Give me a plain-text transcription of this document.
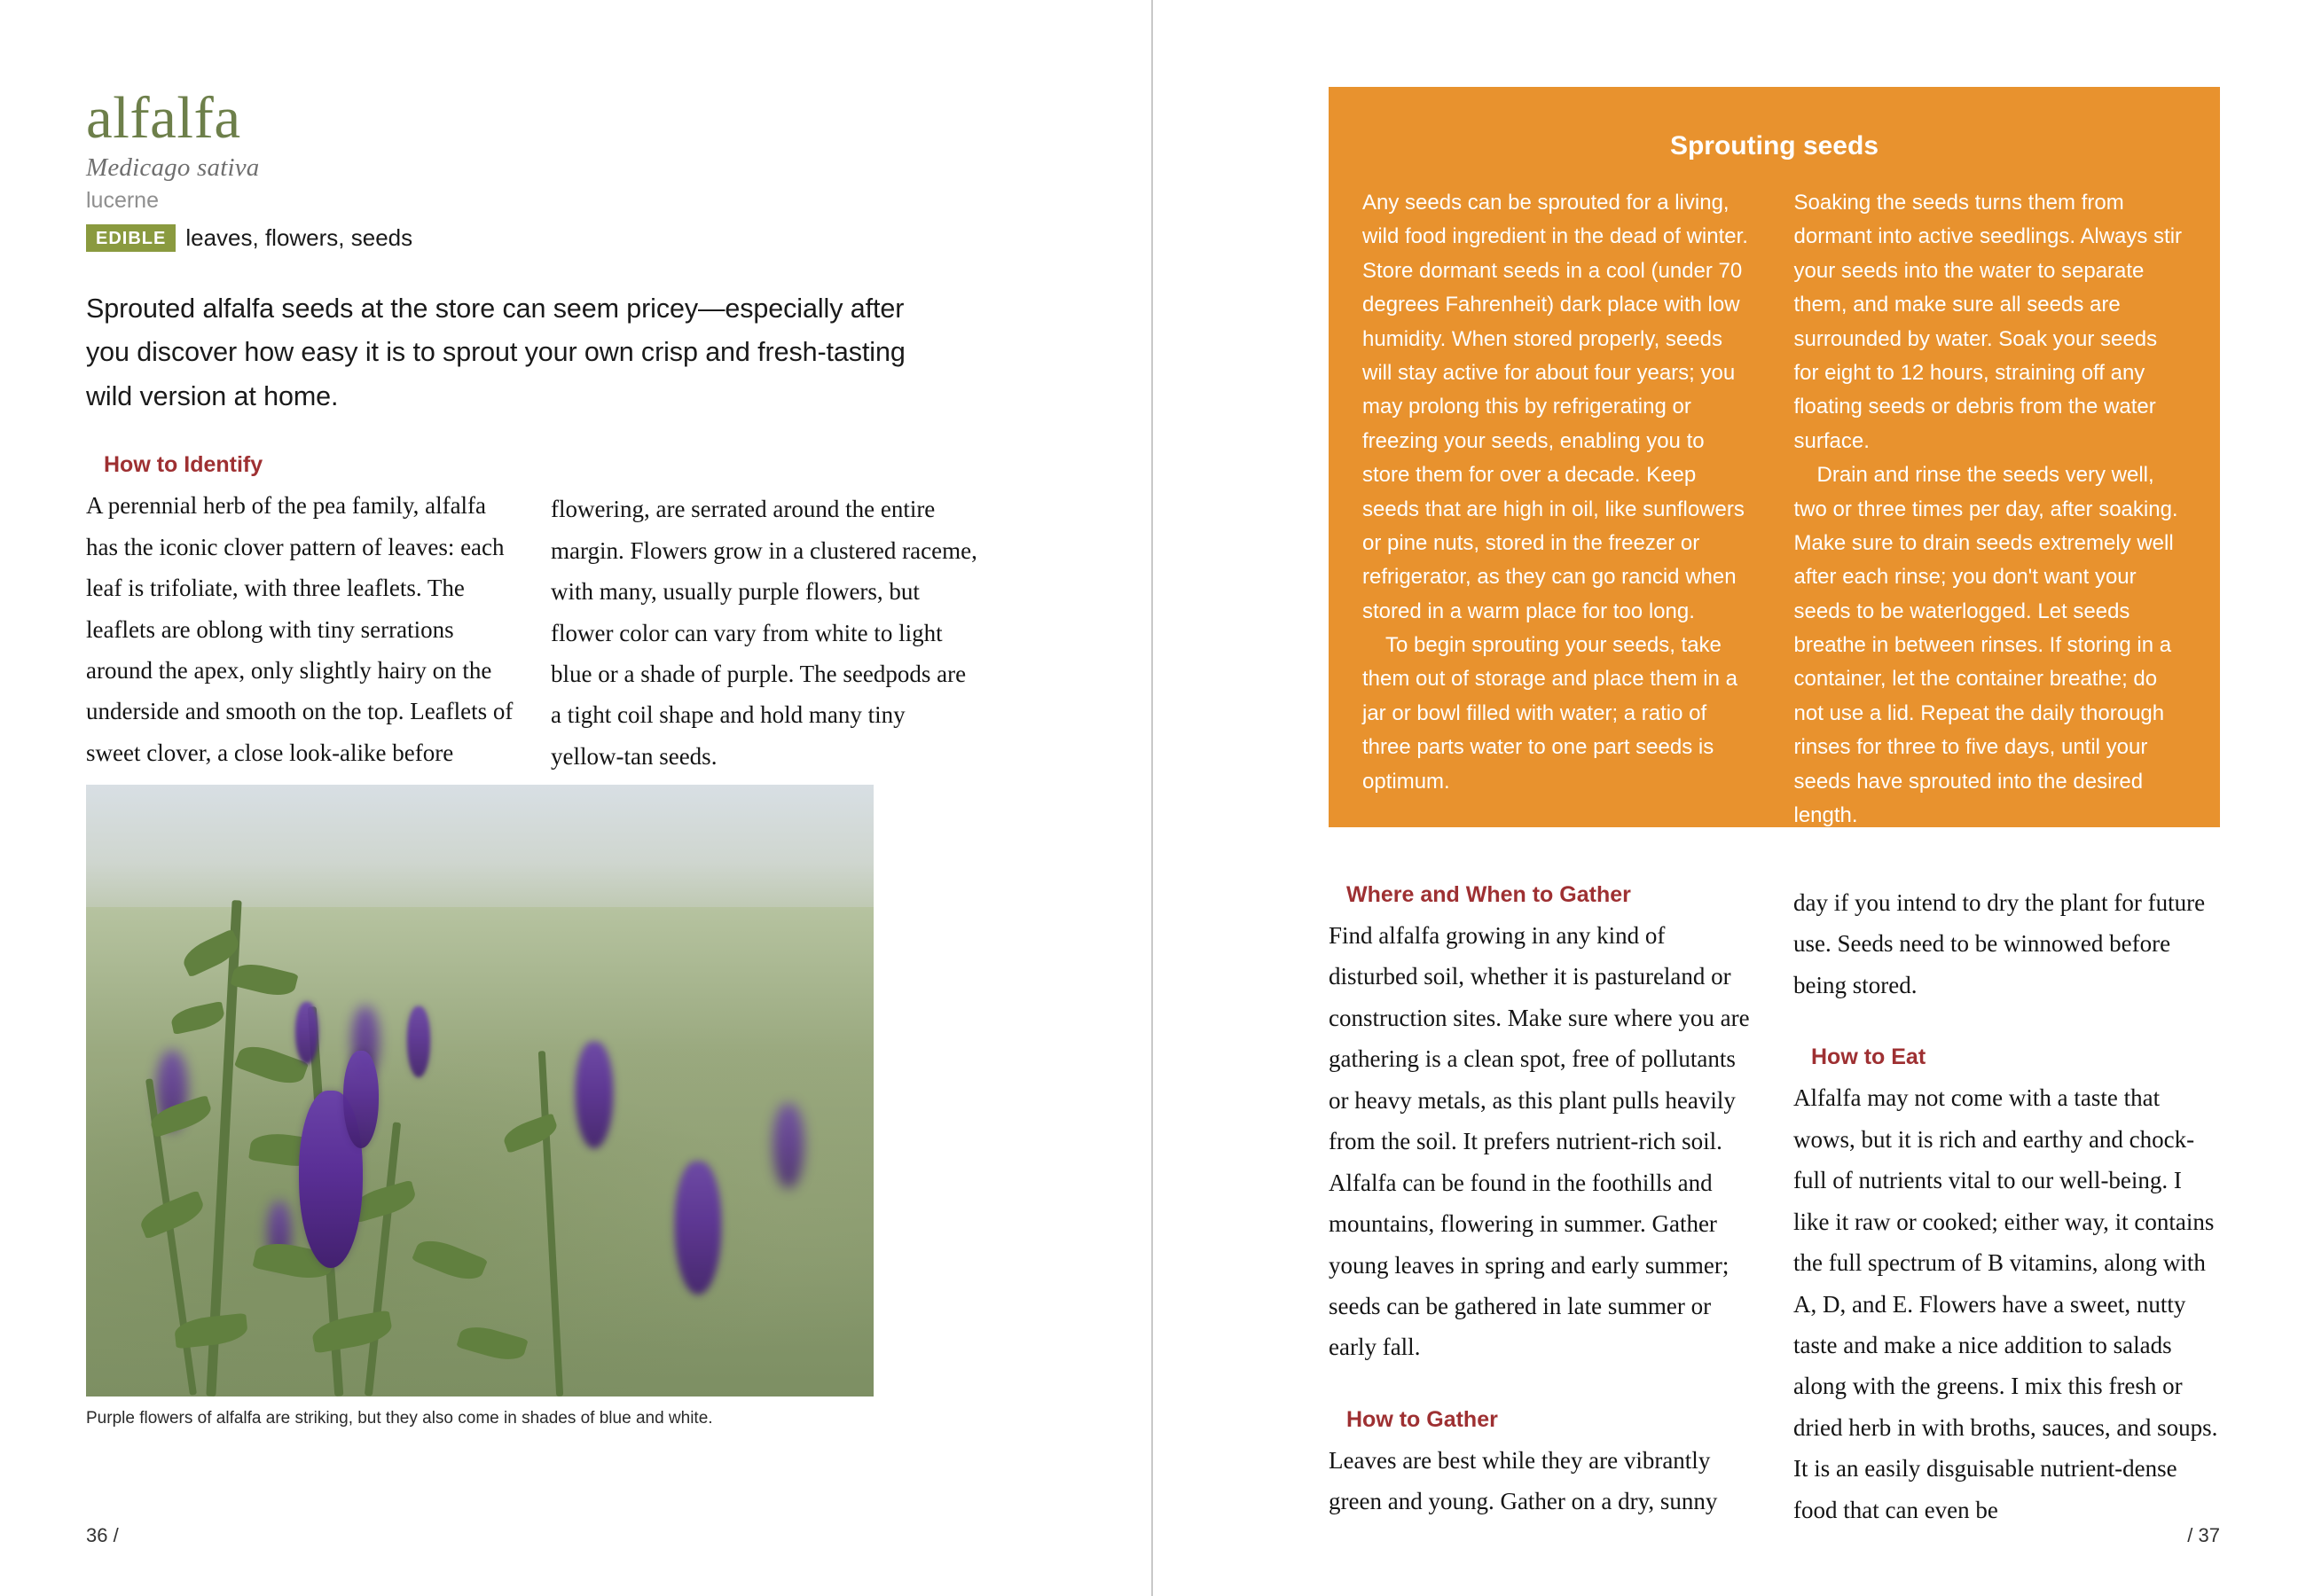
alfalfa
Medicago sativa
lucerne
EDIBLE leaves, flowers, seeds

Sprouted alfalfa seeds at the store can seem pricey—especially after you discover how easy it is to sprout your own crisp and fresh-tasting wild version at home.

How to Identify

A perennial herb of the pea family, alfalfa has the iconic clover pattern of leaves: each leaf is trifoliate, with three leaflets. The leaflets are oblong with tiny serrations around the apex, only slightly hairy on the underside and smooth on the top. Leaflets of sweet clover, a close look-alike before

flowering, are serrated around the entire margin. Flowers grow in a clustered raceme, with many, usually purple flowers, but flower color can vary from white to light blue or a shade of purple. The seedpods are a tight coil shape and hold many tiny yellow-tan seeds.

Purple flowers of alfalfa are striking, but they also come in shades of blue and white.
36 /
Sprouting seeds

Any seeds can be sprouted for a living, wild food ingredient in the dead of winter. Store dormant seeds in a cool (under 70 degrees Fahrenheit) dark place with low humidity. When stored properly, seeds will stay active for about four years; you may prolong this by refrigerating or freezing your seeds, enabling you to store them for over a decade. Keep seeds that are high in oil, like sunflowers or pine nuts, stored in the freezer or refrigerator, as they can go rancid when stored in a warm place for too long.

To begin sprouting your seeds, take them out of storage and place them in a jar or bowl filled with water; a ratio of three parts water to one part seeds is optimum.

Soaking the seeds turns them from dormant into active seedlings. Always stir your seeds into the water to separate them, and make sure all seeds are surrounded by water. Soak your seeds for eight to 12 hours, straining off any floating seeds or debris from the water surface.

Drain and rinse the seeds very well, two or three times per day, after soaking. Make sure to drain seeds extremely well after each rinse; you don't want your seeds to be waterlogged. Let seeds breathe in between rinses. If storing in a container, let the container breathe; do not use a lid. Repeat the daily thorough rinses for three to five days, until your seeds have sprouted into the desired length.

Where and When to Gather

Find alfalfa growing in any kind of disturbed soil, whether it is pastureland or construction sites. Make sure where you are gathering is a clean spot, free of pollutants or heavy metals, as this plant pulls heavily from the soil. It prefers nutrient-rich soil. Alfalfa can be found in the foothills and mountains, flowering in summer. Gather young leaves in spring and early summer; seeds can be gathered in late summer or early fall.

How to Gather

Leaves are best while they are vibrantly green and young. Gather on a dry, sunny

day if you intend to dry the plant for future use. Seeds need to be winnowed before being stored.

How to Eat

Alfalfa may not come with a taste that wows, but it is rich and earthy and chock-full of nutrients vital to our well-being. I like it raw or cooked; either way, it contains the full spectrum of B vitamins, along with A, D, and E. Flowers have a sweet, nutty taste and make a nice addition to salads along with the greens. I mix this fresh or dried herb in with broths, sauces, and soups. It is an easily disguisable nutrient-dense food that can even be

/ 37
